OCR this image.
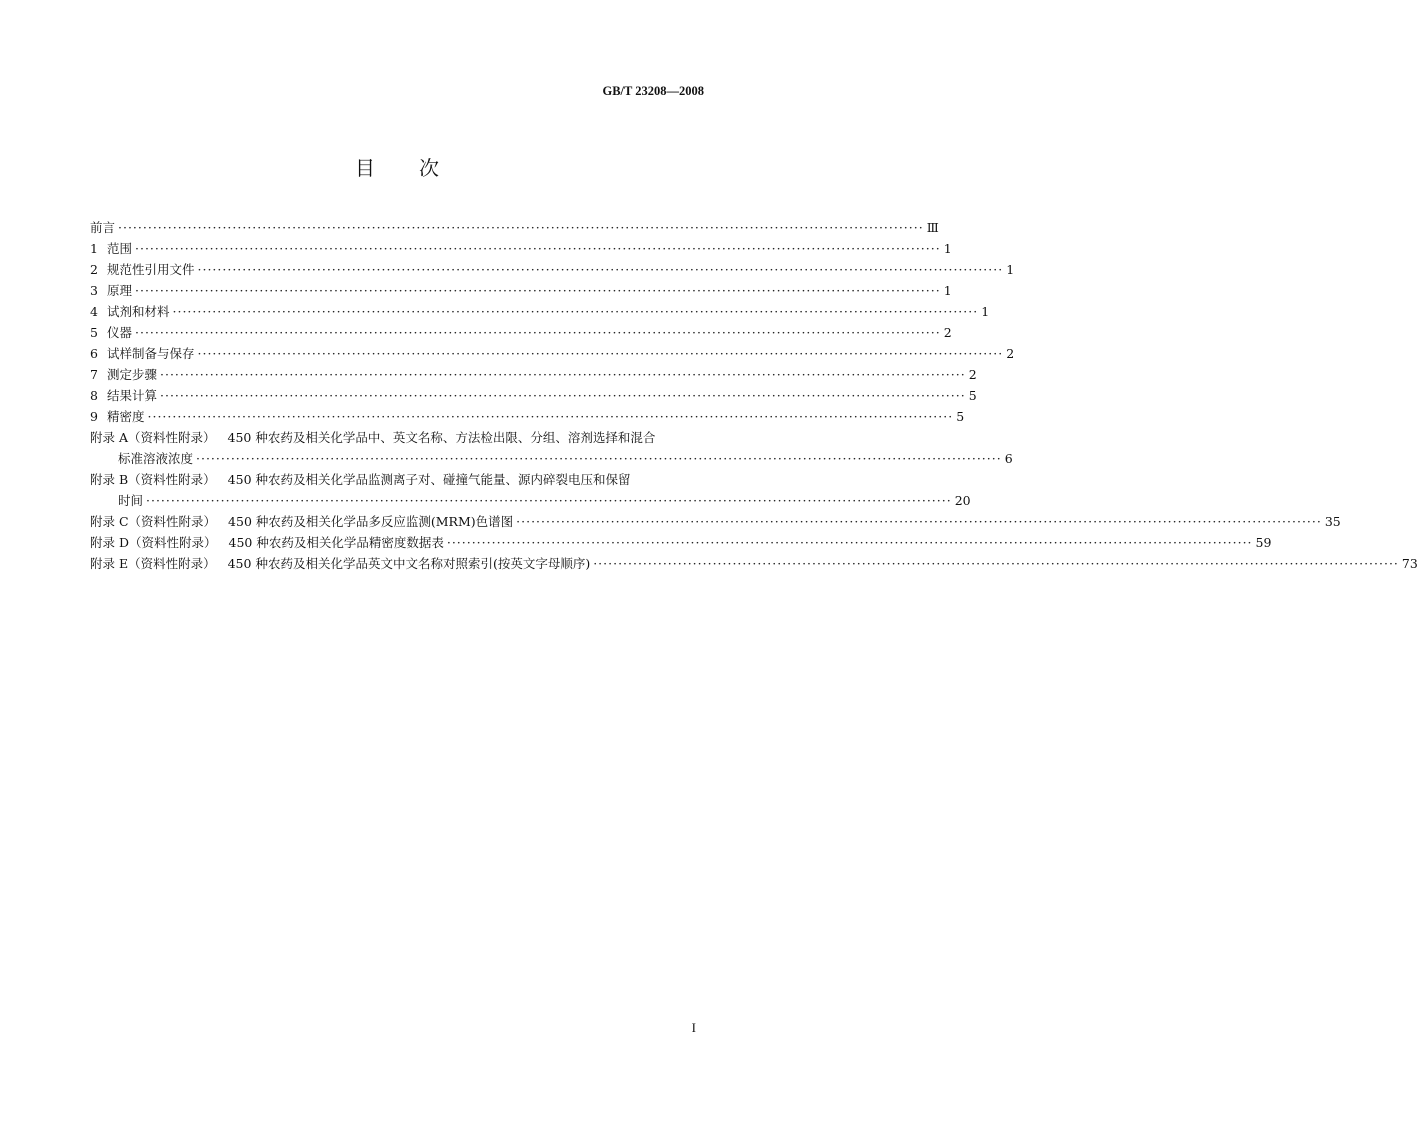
GB/T 23208—2008
目 次
前言 ·································································································································································· Ⅲ
1 范围 ·································································································································································· 1
2 规范性引用文件 ·································································································································································· 1
3 原理 ·································································································································································· 1
4 试剂和材料 ·································································································································································· 1
5 仪器 ·································································································································································· 2
6 试样制备与保存 ·································································································································································· 2
7 测定步骤 ·································································································································································· 2
8 结果计算 ·································································································································································· 5
9 精密度 ·································································································································································· 5
附录 A（资料性附录） 450 种农药及相关化学品中、英文名称、方法检出限、分组、溶剂选择和混合
标准溶液浓度 ·································································································································································· 6
附录 B（资料性附录） 450 种农药及相关化学品监测离子对、碰撞气能量、源内碎裂电压和保留
时间 ·································································································································································· 20
附录 C（资料性附录） 450 种农药及相关化学品多反应监测(MRM)色谱图 ·································································································································································· 35
附录 D（资料性附录） 450 种农药及相关化学品精密度数据表 ·································································································································································· 59
附录 E（资料性附录） 450 种农药及相关化学品英文中文名称对照索引(按英文字母顺序) ·································································································································································· 73
I
